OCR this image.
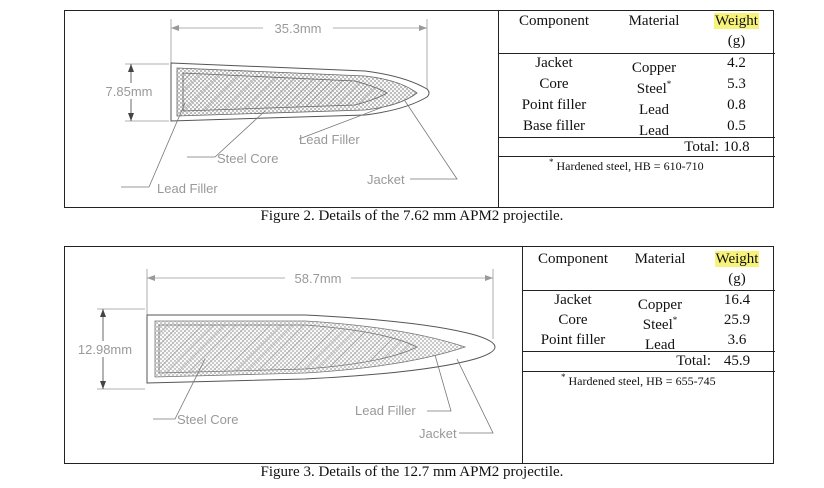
35.3mm
7.85mm
Lead Filler
Steel Core
Jacket
Lead Filler
Component	Material	Weight
(g)
Jacket	Copper	4.2
Core	Steel*	5.3
Point filler	Lead	0.8
Base filler	Lead	0.5
Total: 10.8
* Hardened steel, HB = 610-710
Figure 2. Details of the 7.62 mm APM2 projectile.
58.7mm
12.98mm
Steel Core
Lead Filler
Jacket
Component	Material	Weight
(g)
Jacket	Copper	16.4
Core	Steel*	25.9
Point filler	Lead	3.6
Total: 45.9
* Hardened steel, HB = 655-745
Figure 3. Details of the 12.7 mm APM2 projectile.
